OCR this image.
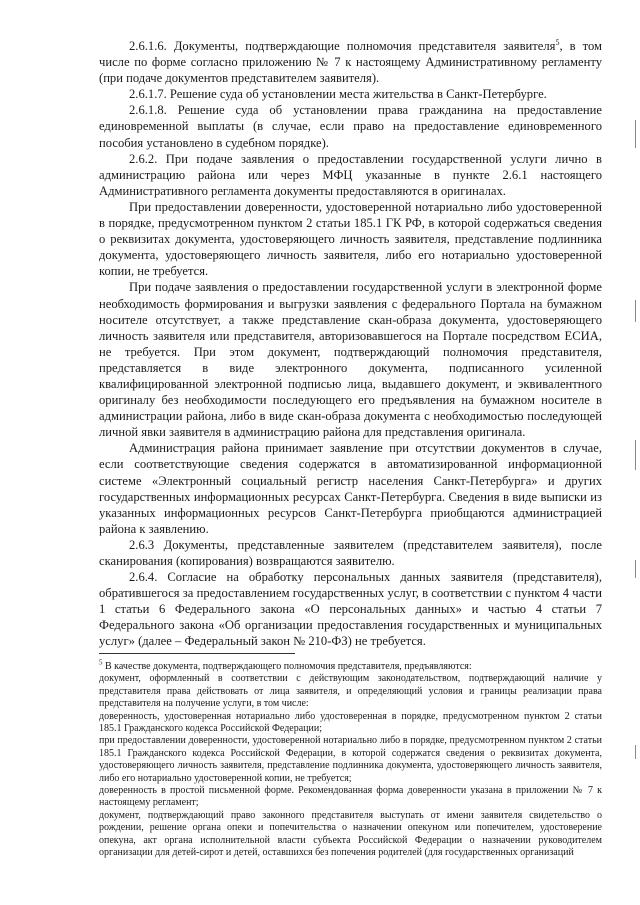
2.6.1.6. Документы, подтверждающие полномочия представителя заявителя$^5$, в том числе по форме согласно приложению № 7 к настоящему Административному регламенту (при подаче документов представителем заявителя).

2.6.1.7. Решение суда об установлении места жительства в Санкт-Петербурге.

2.6.1.8. Решение суда об установлении права гражданина на предоставление единовременной выплаты (в случае, если право на предоставление единовременного пособия установлено в судебном порядке).

2.6.2. При подаче заявления о предоставлении государственной услуги лично в администрацию района или через МФЦ указанные в пункте 2.6.1 настоящего Административного регламента документы предоставляются в оригиналах.

При предоставлении доверенности, удостоверенной нотариально либо удостоверенной в порядке, предусмотренном пунктом 2 статьи 185.1 ГК РФ, в которой содержаться сведения о реквизитах документа, удостоверяющего личность заявителя, представление подлинника документа, удостоверяющего личность заявителя, либо его нотариально удостоверенной копии, не требуется.

При подаче заявления о предоставлении государственной услуги в электронной форме необходимость формирования и выгрузки заявления с федерального Портала на бумажном носителе отсутствует, а также представление скан-образа документа, удостоверяющего личность заявителя или представителя, авторизовавшегося на Портале посредством ЕСИА, не требуется. При этом документ, подтверждающий полномочия представителя, представляется в виде электронного документа, подписанного усиленной квалифицированной электронной подписью лица, выдавшего документ, и эквивалентного оригиналу без необходимости последующего его предъявления на бумажном носителе в администрации района, либо в виде скан-образа документа с необходимостью последующей личной явки заявителя в администрацию района для представления оригинала.

Администрация района принимает заявление при отсутствии документов в случае, если соответствующие сведения содержатся в автоматизированной информационной системе «Электронный социальный регистр населения Санкт-Петербурга» и других государственных информационных ресурсах Санкт-Петербурга. Сведения в виде выписки из указанных информационных ресурсов Санкт-Петербурга приобщаются администрацией района к заявлению.

2.6.3 Документы, представленные заявителем (представителем заявителя), после сканирования (копирования) возвращаются заявителю.

2.6.4. Согласие на обработку персональных данных заявителя (представителя), обратившегося за предоставлением государственных услуг, в соответствии с пунктом 4 части 1 статьи 6 Федерального закона «О персональных данных» и частью 4 статьи 7 Федерального закона «Об организации предоставления государственных и муниципальных услуг» (далее – Федеральный закон № 210-ФЗ) не требуется.

$^5$ В качестве документа, подтверждающего полномочия представителя, предъявляются:

документ, оформленный в соответствии с действующим законодательством, подтверждающий наличие у представителя права действовать от лица заявителя, и определяющий условия и границы реализации права представителя на получение услуги, в том числе:

доверенность, удостоверенная нотариально либо удостоверенная в порядке, предусмотренном пунктом 2 статьи 185.1 Гражданского кодекса Российской Федерации;

при предоставлении доверенности, удостоверенной нотариально либо в порядке, предусмотренном пунктом 2 статьи 185.1 Гражданского кодекса Российской Федерации, в которой содержатся сведения о реквизитах документа, удостоверяющего личность заявителя, представление подлинника документа, удостоверяющего личность заявителя, либо его нотариально удостоверенной копии, не требуется;

доверенность в простой письменной форме. Рекомендованная форма доверенности указана в приложении № 7 к настоящему регламент;

документ, подтверждающий право законного представителя выступать от имени заявителя свидетельство о рождении, решение органа опеки и попечительства о назначении опекуном или попечителем, удостоверение опекуна, акт органа исполнительной власти субъекта Российской Федерации о назначении руководителем организации для детей-сирот и детей, оставшихся без попечения родителей (для государственных организаций
